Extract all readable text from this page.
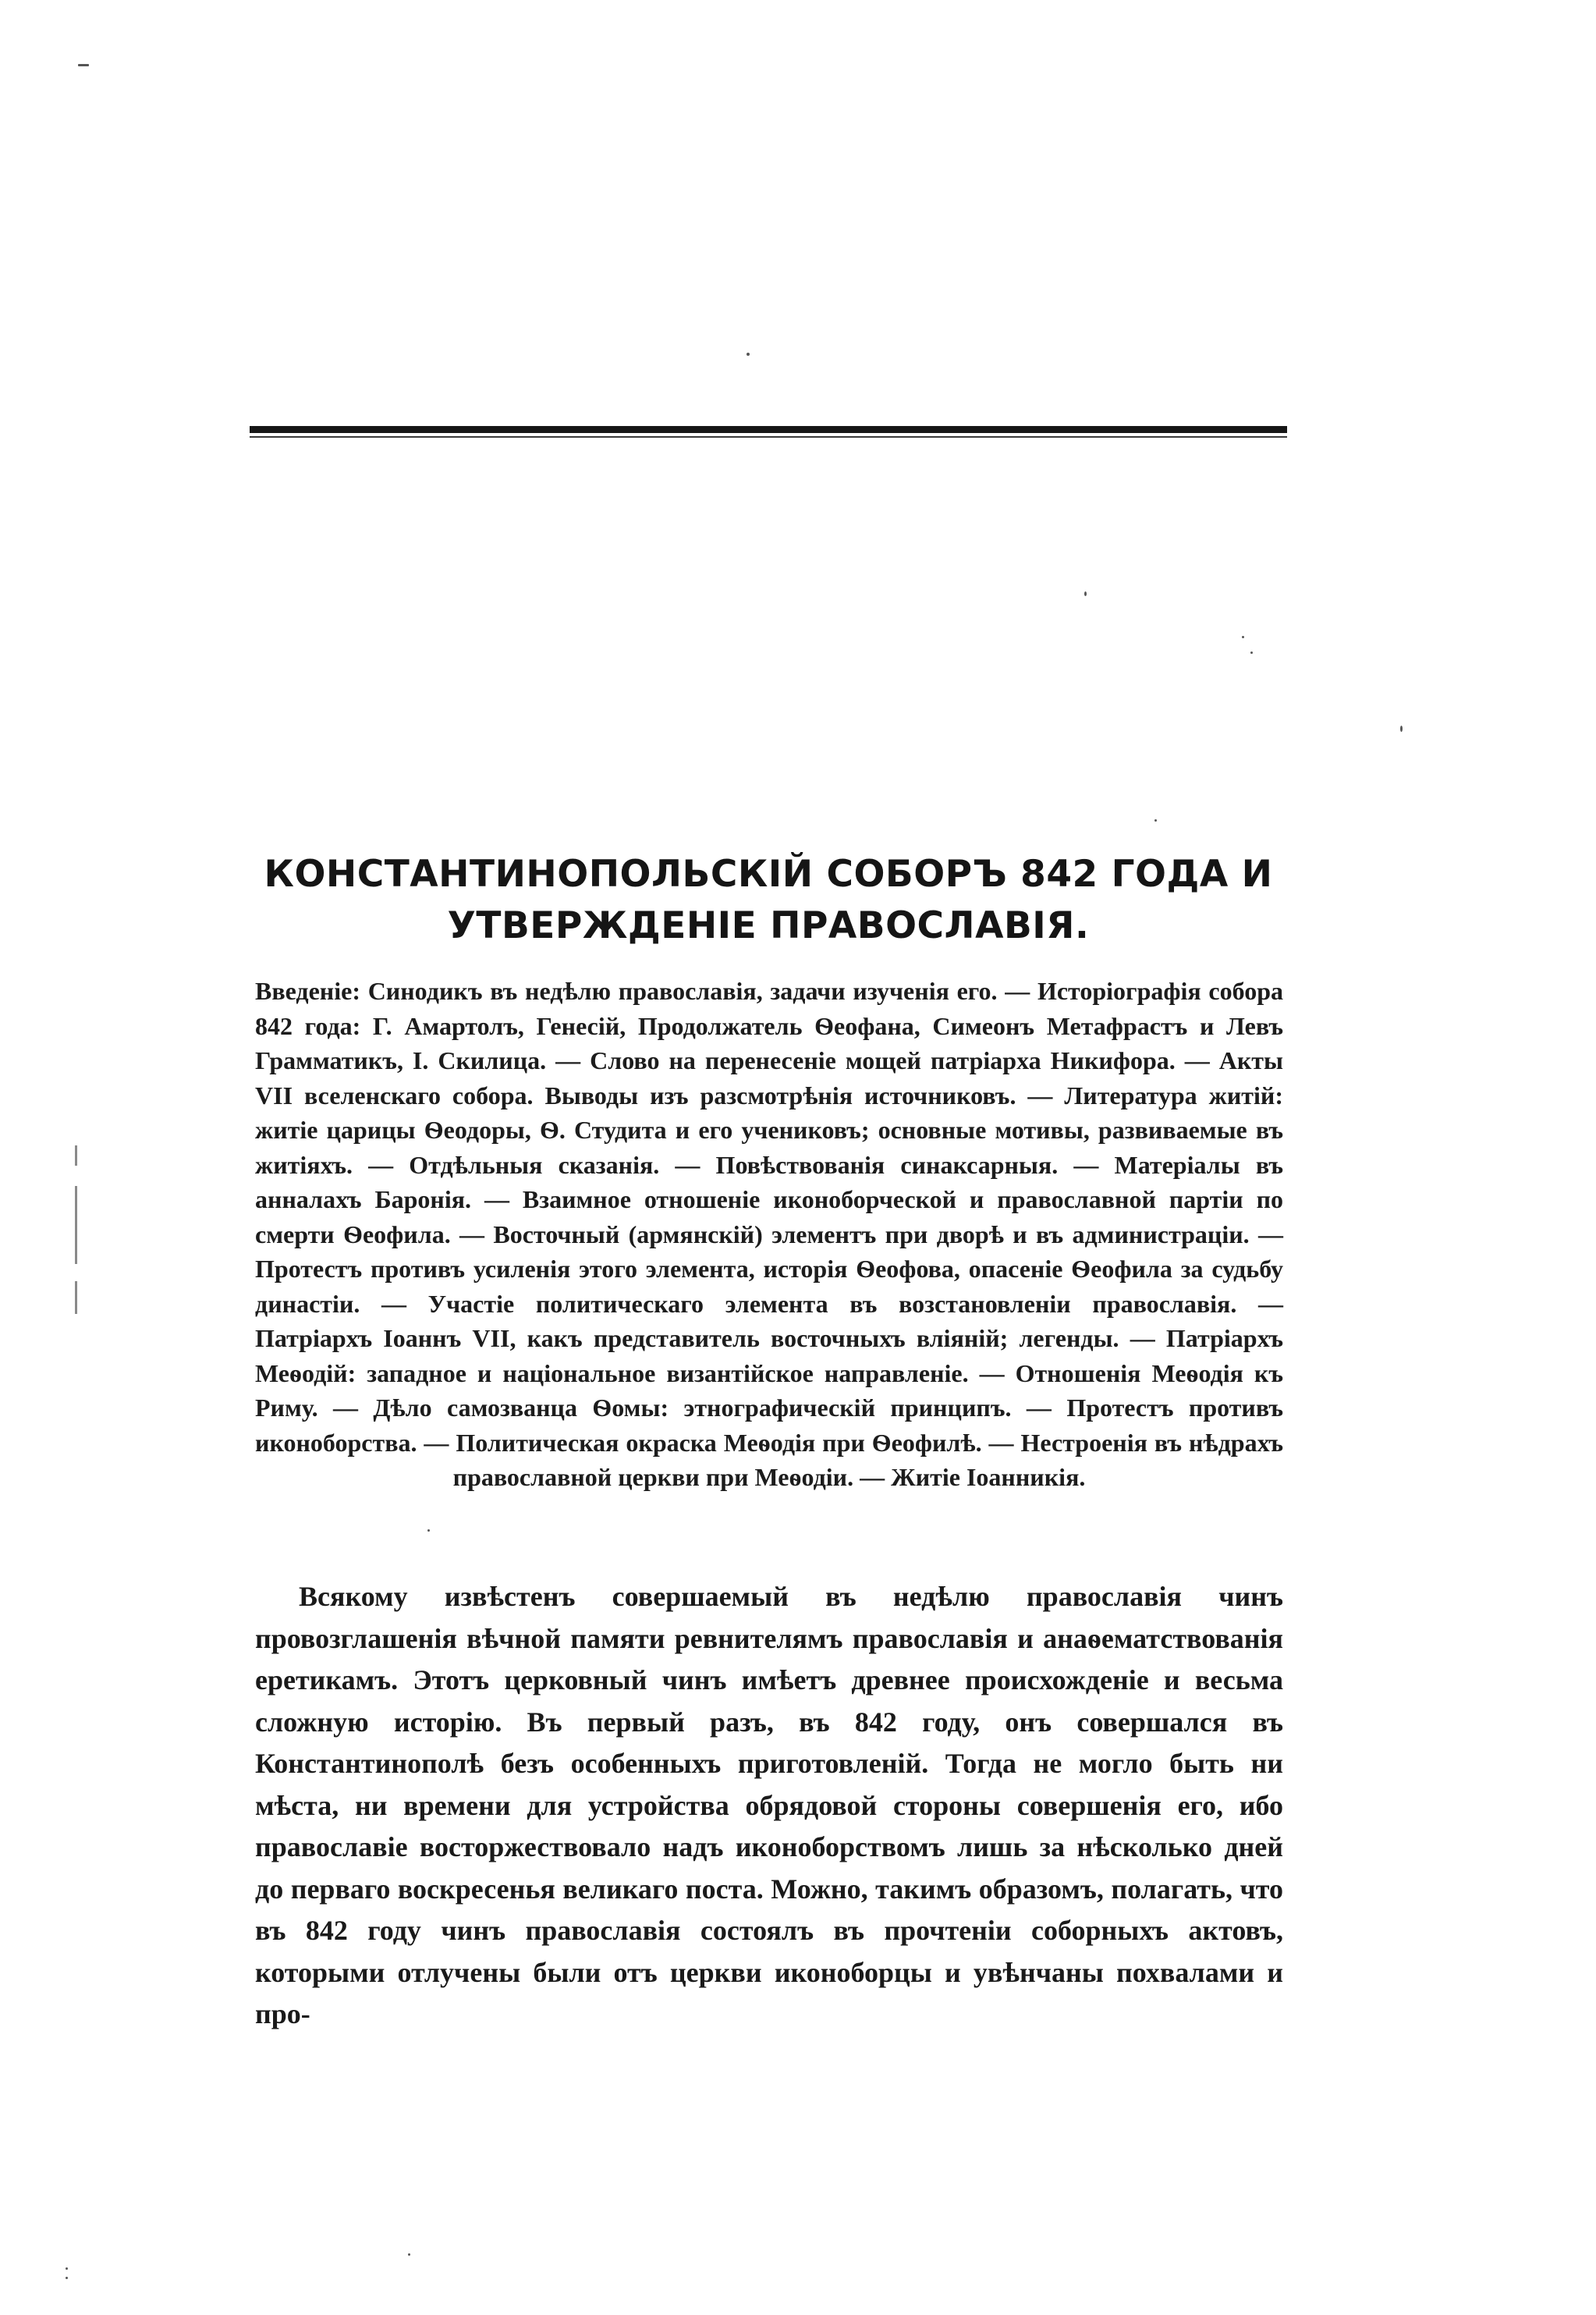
КОНСТАНТИНОПОЛЬСКІЙ СОБОРЪ 842 ГОДА И УТВЕРЖДЕНІЕ ПРАВОСЛАВІЯ.

Введеніе: Синодикъ въ недѣлю православія, задачи изученія его. — Исторіографія собора 842 года: Г. Амартолъ, Генесій, Продолжатель Ѳеофана, Симеонъ Метафрастъ и Левъ Грамматикъ, І. Скилица. — Слово на перенесеніе мощей патріарха Никифора. — Акты VII вселенскаго собора. Выводы изъ разсмотрѣнія источниковъ. — Литература житій: житіе царицы Ѳеодоры, Ѳ. Студита и его учениковъ; основные мотивы, развиваемые въ житіяхъ. — Отдѣльныя сказанія. — Повѣствованія синаксарныя. — Матеріалы въ анналахъ Баронія. — Взаимное отношеніе иконоборческой и православной партіи по смерти Ѳеофила. — Восточный (армянскій) элементъ при дворѣ и въ администраціи. — Протестъ противъ усиленія этого элемента, исторія Ѳеофова, опасеніе Ѳеофила за судьбу династіи. — Участіе политическаго элемента въ возстановленіи православія. — Патріархъ Іоаннъ VII, какъ представитель восточныхъ вліяній; легенды. — Патріархъ Меѳодій: западное и національное византійское направленіе. — Отношенія Меѳодія къ Риму. — Дѣло самозванца Ѳомы: этнографическій принципъ. — Протестъ противъ иконоборства. — Политическая окраска Меѳодія при Ѳеофилѣ. — Нестроенія въ нѣдрахъ православной церкви при Меѳодіи. — Житіе Іоанникія.

Всякому извѣстенъ совершаемый въ недѣлю православія чинъ провозглашенія вѣчной памяти ревнителямъ православія и анаѳематствованія еретикамъ. Этотъ церковный чинъ имѣетъ древнее происхожденіе и весьма сложную исторію. Въ первый разъ, въ 842 году, онъ совершался въ Константинополѣ безъ особенныхъ приготовленій. Тогда не могло быть ни мѣста, ни времени для устройства обрядовой стороны совершенія его, ибо православіе восторжествовало надъ иконоборствомъ лишь за нѣсколько дней до перваго воскресенья великаго поста. Можно, такимъ образомъ, полагать, что въ 842 году чинъ православія состоялъ въ прочтеніи соборныхъ актовъ, которыми отлучены были отъ церкви иконоборцы и увѣнчаны похвалами и про-
